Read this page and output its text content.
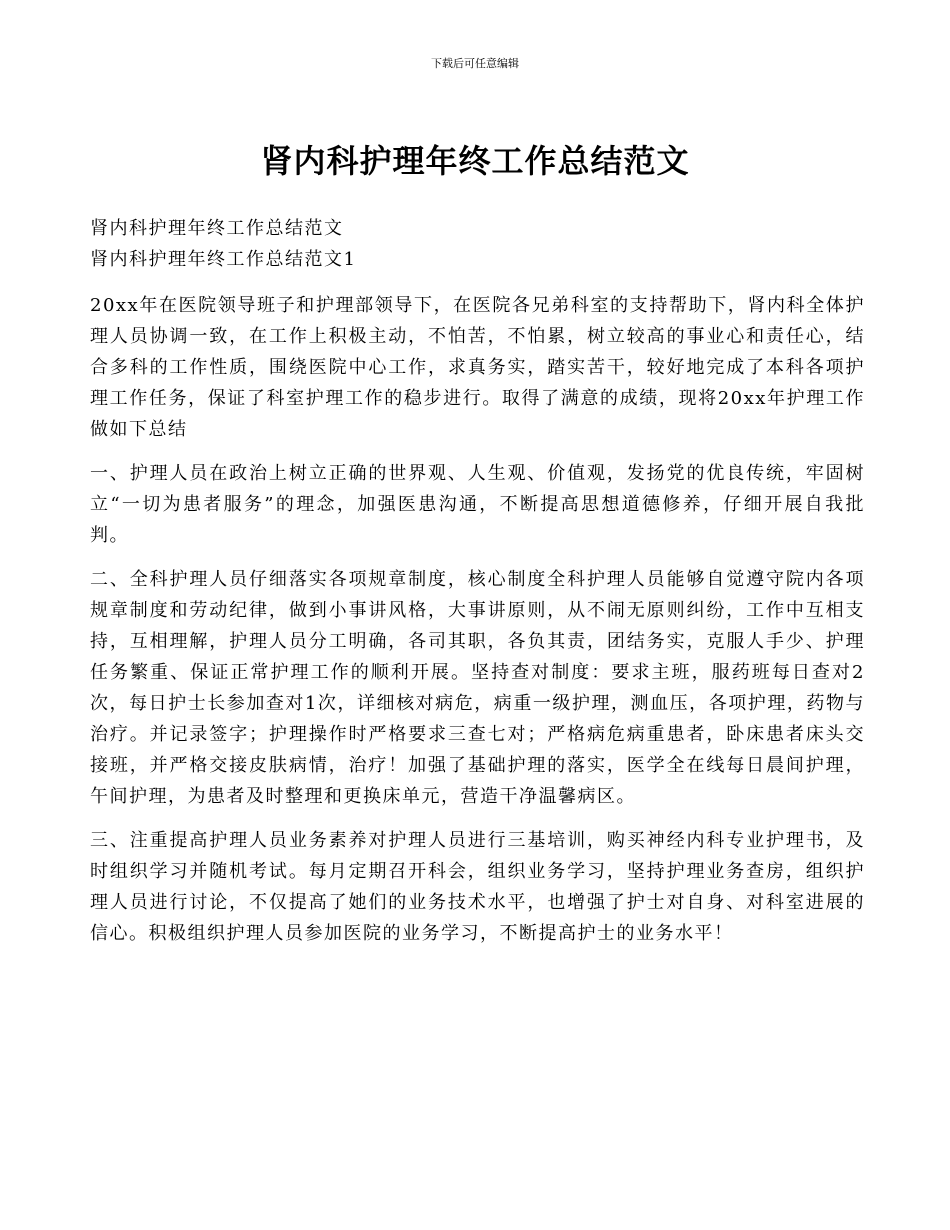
下载后可任意编辑
肾内科护理年终工作总结范文
肾内科护理年终工作总结范文
肾内科护理年终工作总结范文1

20xx年在医院领导班子和护理部领导下，在医院各兄弟科室的支持帮助下，肾内科全体护理人员协调一致，在工作上积极主动，不怕苦，不怕累，树立较高的事业心和责任心，结合多科的工作性质，围绕医院中心工作，求真务实，踏实苦干，较好地完成了本科各项护理工作任务，保证了科室护理工作的稳步进行。取得了满意的成绩，现将20xx年护理工作做如下总结

一、护理人员在政治上树立正确的世界观、人生观、价值观，发扬党的优良传统，牢固树立“一切为患者服务”的理念，加强医患沟通，不断提高思想道德修养，仔细开展自我批判。

二、全科护理人员仔细落实各项规章制度，核心制度全科护理人员能够自觉遵守院内各项规章制度和劳动纪律，做到小事讲风格，大事讲原则，从不闹无原则纠纷，工作中互相支持，互相理解，护理人员分工明确，各司其职，各负其责，团结务实，克服人手少、护理任务繁重、保证正常护理工作的顺利开展。坚持查对制度：要求主班，服药班每日查对2次，每日护士长参加查对1次，详细核对病危，病重一级护理，测血压，各项护理，药物与治疗。并记录签字；护理操作时严格要求三查七对；严格病危病重患者，卧床患者床头交接班，并严格交接皮肤病情，治疗！加强了基础护理的落实，医学全在线每日晨间护理，午间护理，为患者及时整理和更换床单元，营造干净温馨病区。

三、注重提高护理人员业务素养对护理人员进行三基培训，购买神经内科专业护理书，及时组织学习并随机考试。每月定期召开科会，组织业务学习，坚持护理业务查房，组织护理人员进行讨论，不仅提高了她们的业务技术水平，也增强了护士对自身、对科室进展的信心。积极组织护理人员参加医院的业务学习，不断提高护士的业务水平！
